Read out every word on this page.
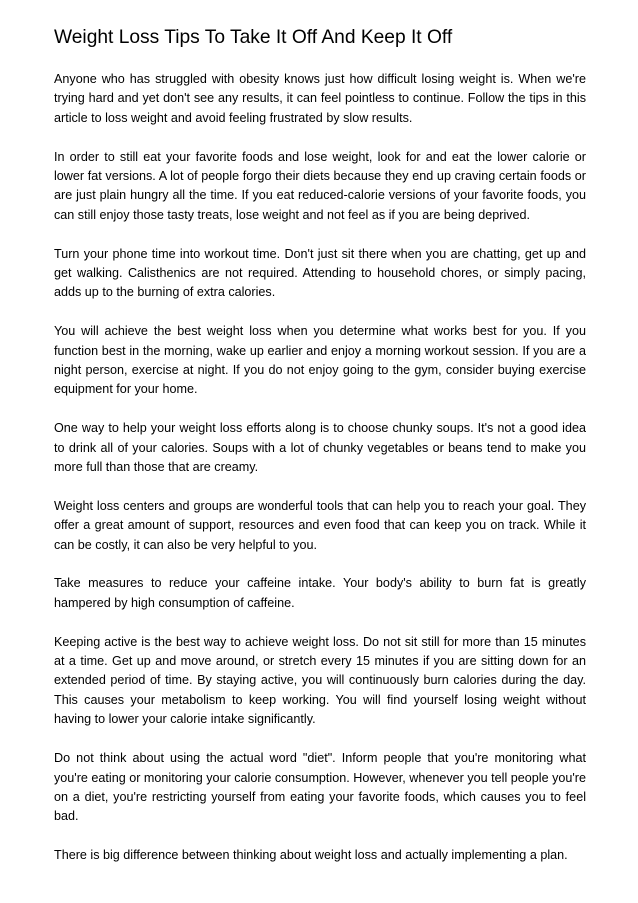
Weight Loss Tips To Take It Off And Keep It Off

Anyone who has struggled with obesity knows just how difficult losing weight is. When we're trying hard and yet don't see any results, it can feel pointless to continue. Follow the tips in this article to loss weight and avoid feeling frustrated by slow results.

In order to still eat your favorite foods and lose weight, look for and eat the lower calorie or lower fat versions. A lot of people forgo their diets because they end up craving certain foods or are just plain hungry all the time. If you eat reduced-calorie versions of your favorite foods, you can still enjoy those tasty treats, lose weight and not feel as if you are being deprived.

Turn your phone time into workout time. Don't just sit there when you are chatting, get up and get walking. Calisthenics are not required. Attending to household chores, or simply pacing, adds up to the burning of extra calories.

You will achieve the best weight loss when you determine what works best for you. If you function best in the morning, wake up earlier and enjoy a morning workout session. If you are a night person, exercise at night. If you do not enjoy going to the gym, consider buying exercise equipment for your home.

One way to help your weight loss efforts along is to choose chunky soups. It's not a good idea to drink all of your calories. Soups with a lot of chunky vegetables or beans tend to make you more full than those that are creamy.

Weight loss centers and groups are wonderful tools that can help you to reach your goal. They offer a great amount of support, resources and even food that can keep you on track. While it can be costly, it can also be very helpful to you.

Take measures to reduce your caffeine intake. Your body's ability to burn fat is greatly hampered by high consumption of caffeine.

Keeping active is the best way to achieve weight loss. Do not sit still for more than 15 minutes at a time. Get up and move around, or stretch every 15 minutes if you are sitting down for an extended period of time. By staying active, you will continuously burn calories during the day. This causes your metabolism to keep working. You will find yourself losing weight without having to lower your calorie intake significantly.

Do not think about using the actual word "diet". Inform people that you're monitoring what you're eating or monitoring your calorie consumption. However, whenever you tell people you're on a diet, you're restricting yourself from eating your favorite foods, which causes you to feel bad.

There is big difference between thinking about weight loss and actually implementing a plan.
